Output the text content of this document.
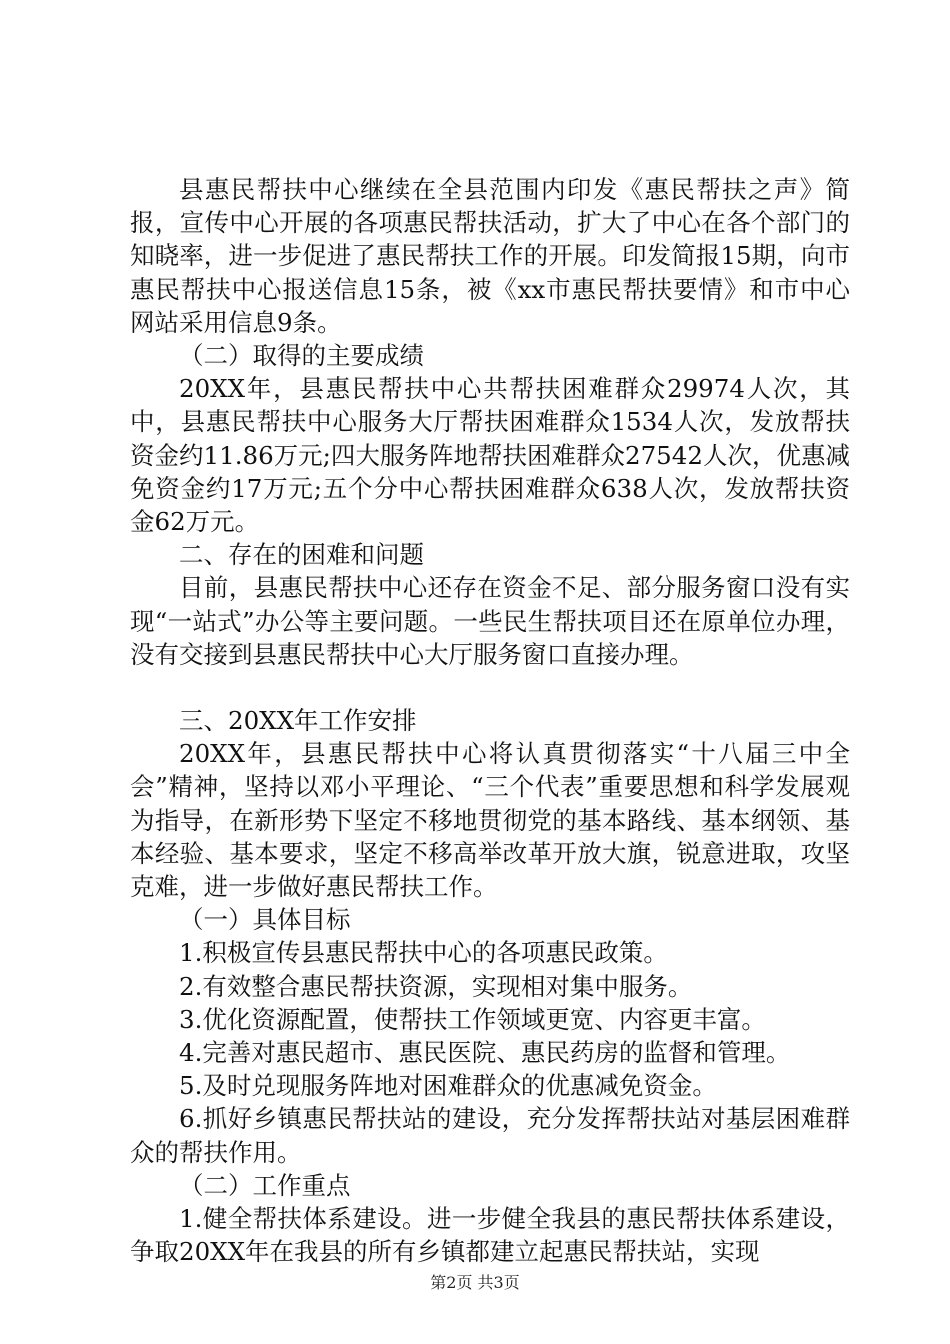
县惠民帮扶中心继续在全县范围内印发《惠民帮扶之声》简报，宣传中心开展的各项惠民帮扶活动，扩大了中心在各个部门的知晓率，进一步促进了惠民帮扶工作的开展。印发简报15期，向市惠民帮扶中心报送信息15条，被《xx市惠民帮扶要情》和市中心网站采用信息9条。

（二）取得的主要成绩

20XX年，县惠民帮扶中心共帮扶困难群众29974人次，其中，县惠民帮扶中心服务大厅帮扶困难群众1534人次，发放帮扶资金约11.86万元;四大服务阵地帮扶困难群众27542人次，优惠减免资金约17万元;五个分中心帮扶困难群众638人次，发放帮扶资金62万元。

二、存在的困难和问题

目前，县惠民帮扶中心还存在资金不足、部分服务窗口没有实现“一站式”办公等主要问题。一些民生帮扶项目还在原单位办理，没有交接到县惠民帮扶中心大厅服务窗口直接办理。

三、20XX年工作安排

20XX年，县惠民帮扶中心将认真贯彻落实“十八届三中全会”精神，坚持以邓小平理论、“三个代表”重要思想和科学发展观为指导，在新形势下坚定不移地贯彻党的基本路线、基本纲领、基本经验、基本要求，坚定不移高举改革开放大旗，锐意进取，攻坚克难，进一步做好惠民帮扶工作。

（一）具体目标

1.积极宣传县惠民帮扶中心的各项惠民政策。

2.有效整合惠民帮扶资源，实现相对集中服务。

3.优化资源配置，使帮扶工作领域更宽、内容更丰富。

4.完善对惠民超市、惠民医院、惠民药房的监督和管理。

5.及时兑现服务阵地对困难群众的优惠减免资金。

6.抓好乡镇惠民帮扶站的建设，充分发挥帮扶站对基层困难群众的帮扶作用。

（二）工作重点

1.健全帮扶体系建设。进一步健全我县的惠民帮扶体系建设，争取20XX年在我县的所有乡镇都建立起惠民帮扶站，实现

第2页 共3页
